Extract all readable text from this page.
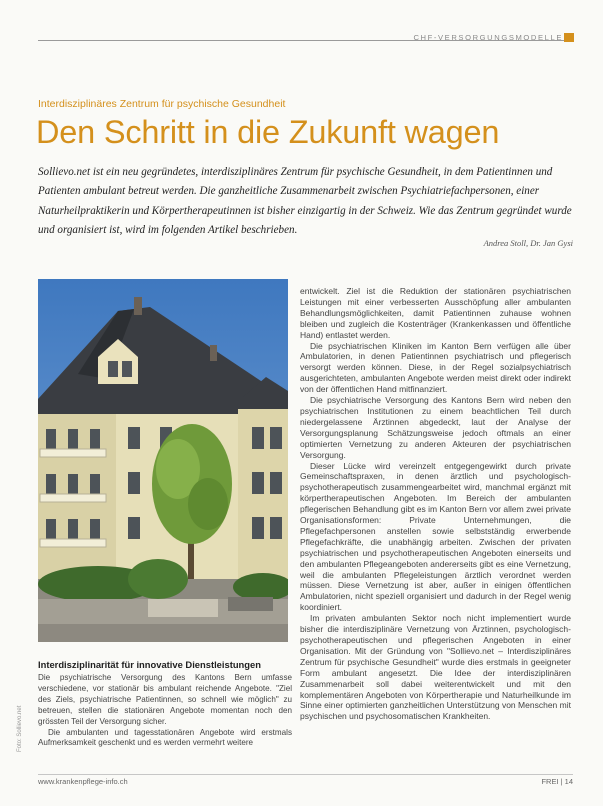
CHF-VERSORGUNGSMODELLE
Interdisziplinäres Zentrum für psychische Gesundheit
Den Schritt in die Zukunft wagen

Sollievo.net ist ein neu gegründetes, interdisziplinäres Zentrum für psychische Gesundheit, in dem Patientinnen und Patienten ambulant betreut werden. Die ganzheitliche Zusammenarbeit zwischen Psychiatriefachpersonen, einer Naturheilpraktikerin und Körpertherapeutinnen ist bisher einzigartig in der Schweiz. Wie das Zentrum gegründet wurde und organisiert ist, wird im folgenden Artikel beschrieben.

Andrea Stoll, Dr. Jan Gysi
Interdisziplinarität für innovative Dienstleistungen

Die psychiatrische Versorgung des Kantons Bern umfasse verschiedene, vor stationär bis ambulant reichende Angebote. "Ziel des Ziels, psychiatrische Patientinnen, so schnell wie möglich" zu betreuen, stellen die stationären Angebote momentan noch den grössten Teil der Versorgung sicher.

Die ambulanten und tagesstationären Angebote wird erstmals Aufmerksamkeit geschenkt und es werden vermehrt weitere

Foto: Sollievo.net

entwickelt. Ziel ist die Reduktion der stationären psychiatrischen Leistungen mit einer verbesserten Ausschöpfung aller ambulanten Behandlungsmöglichkeiten, damit Patientinnen zuhause wohnen bleiben und zugleich die Kostenträger (Krankenkassen und öffentliche Hand) entlastet werden.

Die psychiatrischen Kliniken im Kanton Bern verfügen alle über Ambulatorien, in denen Patientinnen psychiatrisch und pflegerisch versorgt werden können. Diese, in der Regel sozialpsychiatrisch ausgerichteten, ambulanten Angebote werden meist direkt oder indirekt von der öffentlichen Hand mitfinanziert.

Die psychiatrische Versorgung des Kantons Bern wird neben den psychiatrischen Institutionen zu einem beachtlichen Teil durch niedergelassene Ärztinnen abgedeckt, laut der Analyse der Versorgungsplanung Schätzungsweise jedoch oftmals an einer optimierten Vernetzung zu anderen Akteuren der psychiatrischen Versorgung.

Dieser Lücke wird vereinzelt entgegengewirkt durch private Gemeinschaftspraxen, in denen ärztlich und psychologisch-psychotherapeutisch zusammengearbeitet wird, manchmal ergänzt mit körpertherapeutischen Angeboten. Im Bereich der ambulanten pflegerischen Behandlung gibt es im Kanton Bern vor allem zwei private Organisationsformen: Private Unternehmungen, die Pflegefachpersonen anstellen sowie selbstständig erwerbende Pflegefachkräfte, die unabhängig arbeiten. Zwischen der privaten psychiatrischen und psychotherapeutischen Angeboten einerseits und den ambulanten Pflegeangeboten andererseits gibt es eine Vernetzung, weil die ambulanten Pflegeleistungen ärztlich verordnet werden müssen. Diese Vernetzung ist aber, außer in einigen öffentlichen Ambulatorien, nicht speziell organisiert und dadurch in der Regel wenig koordiniert.

Im privaten ambulanten Sektor noch nicht implementiert wurde bisher die interdisziplinäre Vernetzung von Ärztinnen, psychologisch-psychotherapeutischen und pflegerischen Angeboten in einer Organisation. Mit der Gründung von "Sollievo.net – Interdisziplinäres Zentrum für psychische Gesundheit" wurde dies erstmals in geeigneter Form ambulant angesetzt. Die Idee der interdisziplinären Zusammenarbeit soll dabei weiterentwickelt und mit den komplementären Angeboten von Körpertherapie und Naturheilkunde im Sinne einer optimierten ganzheitlichen Unterstützung von Menschen mit psychischen und psychosomatischen Krankheiten.

www.krankenpflege-info.ch	FREI | 14
